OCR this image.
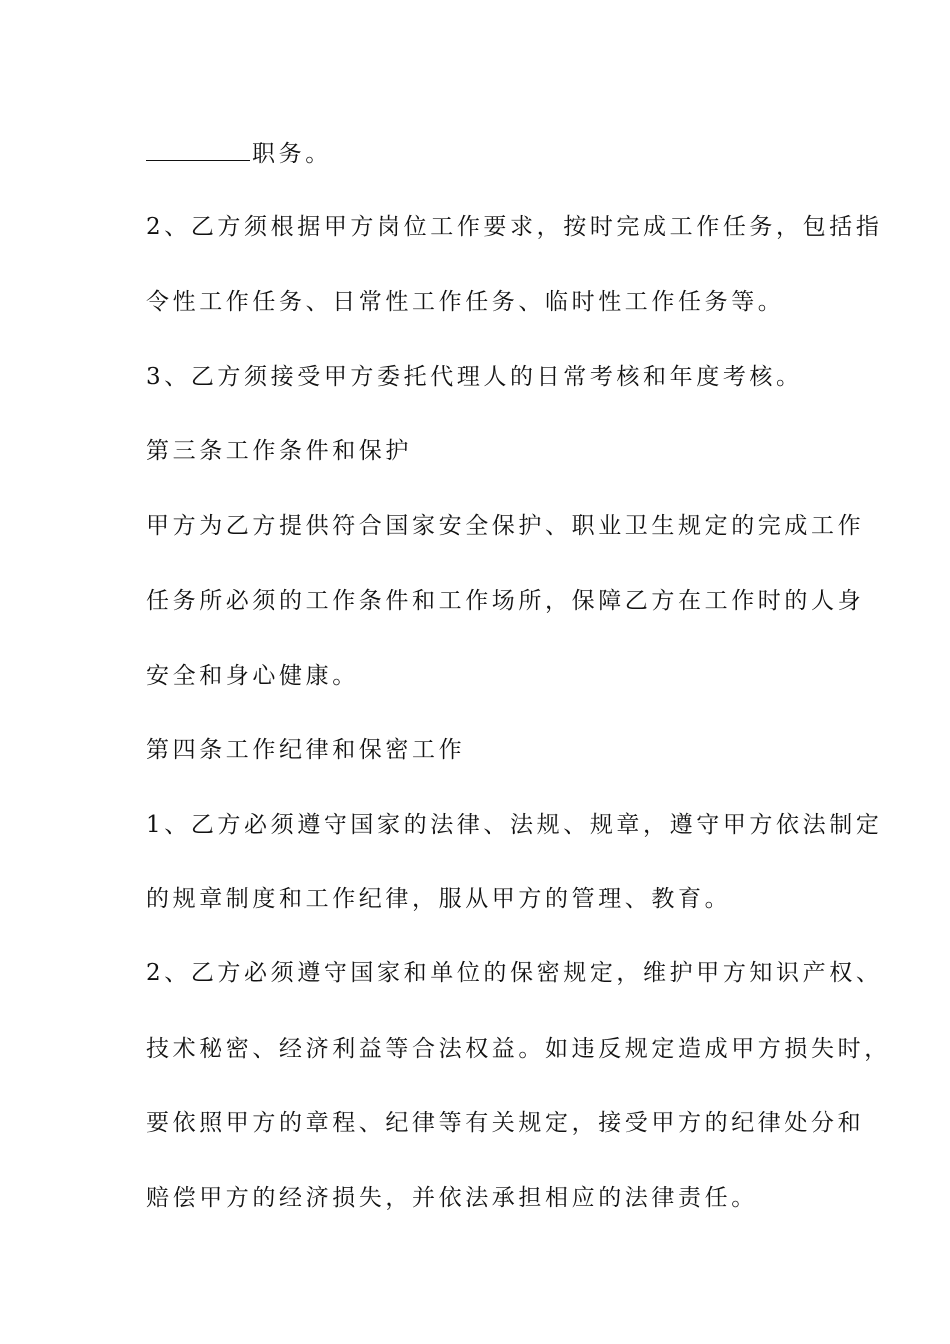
职务。
2、乙方须根据甲方岗位工作要求，按时完成工作任务，包括指
令性工作任务、日常性工作任务、临时性工作任务等。
3、乙方须接受甲方委托代理人的日常考核和年度考核。
第三条工作条件和保护
甲方为乙方提供符合国家安全保护、职业卫生规定的完成工作
任务所必须的工作条件和工作场所，保障乙方在工作时的人身
安全和身心健康。
第四条工作纪律和保密工作
1、乙方必须遵守国家的法律、法规、规章，遵守甲方依法制定
的规章制度和工作纪律，服从甲方的管理、教育。
2、乙方必须遵守国家和单位的保密规定，维护甲方知识产权、
技术秘密、经济利益等合法权益。如违反规定造成甲方损失时，
要依照甲方的章程、纪律等有关规定，接受甲方的纪律处分和
赔偿甲方的经济损失，并依法承担相应的法律责任。
